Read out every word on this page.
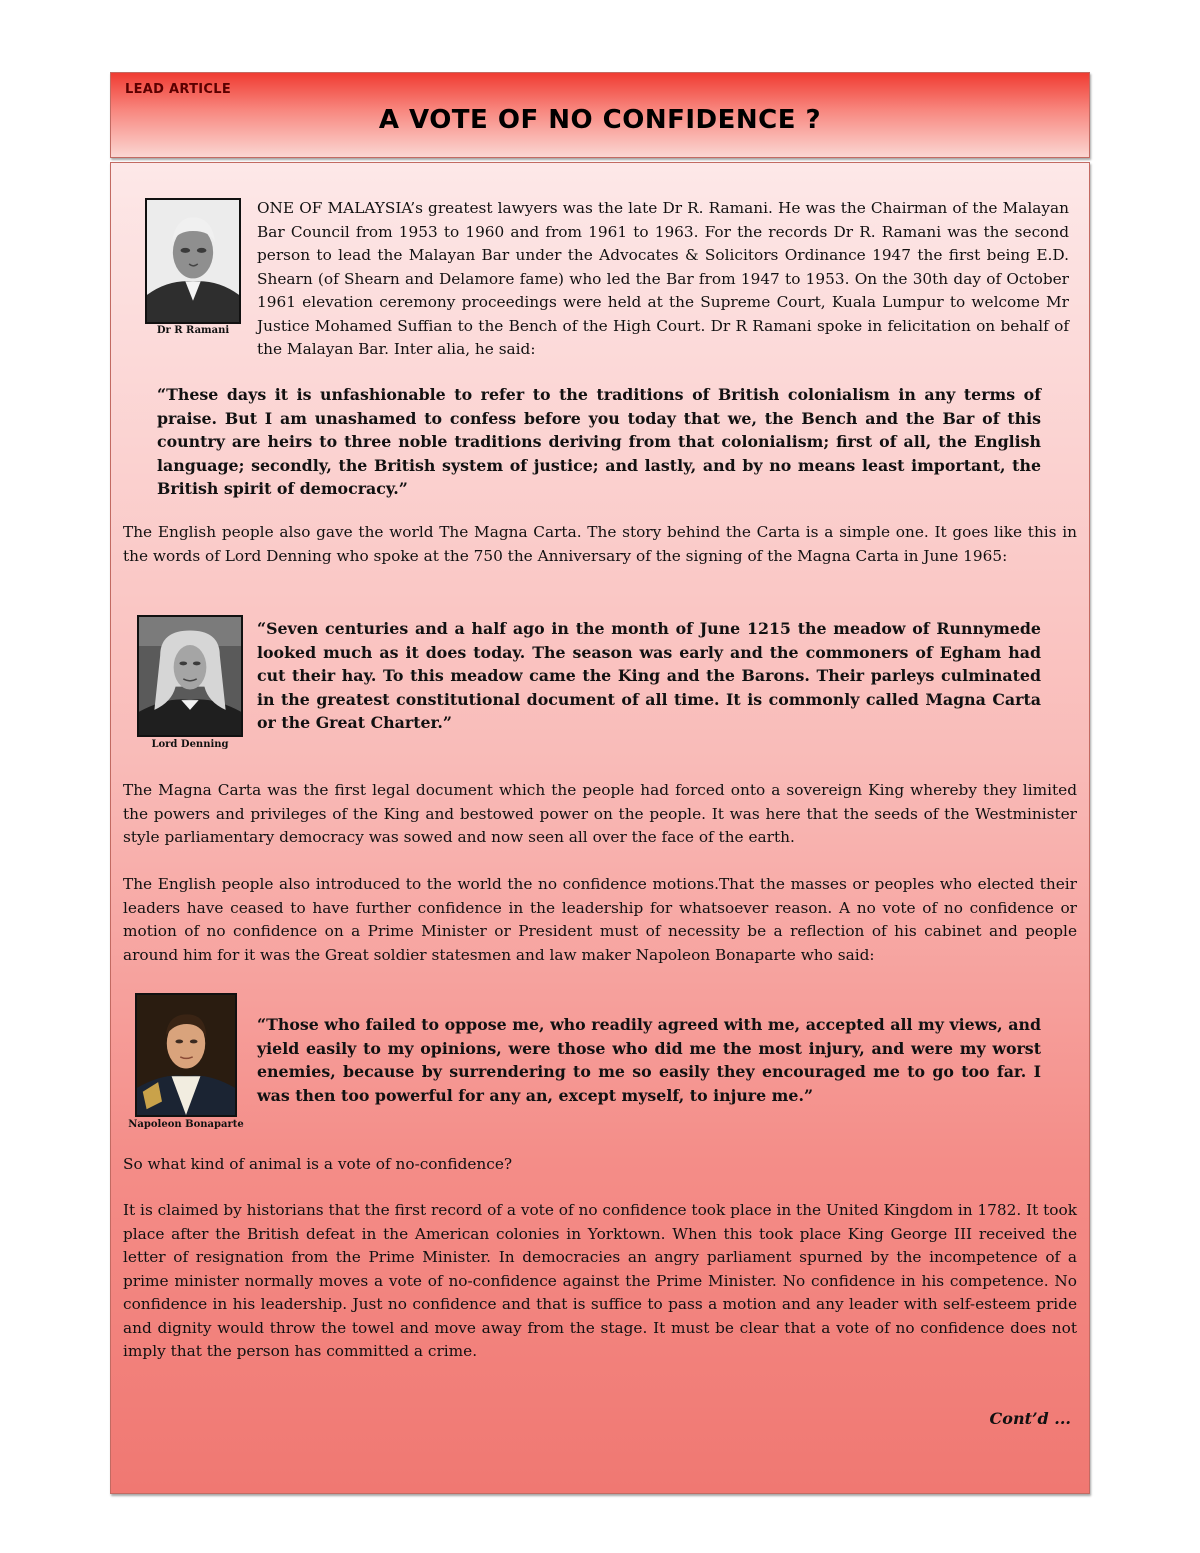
LEAD ARTICLE
A VOTE OF NO CONFIDENCE ?
Dr R Ramani

ONE OF MALAYSIA’s greatest lawyers was the late Dr R. Ramani. He was the Chairman of the Malayan Bar Council from 1953 to 1960 and from 1961 to 1963. For the records Dr R. Ramani was the second person to lead the Malayan Bar under the Advocates & Solicitors Ordinance 1947 the first being E.D. Shearn (of Shearn and Delamore fame) who led the Bar from 1947 to 1953. On the 30th day of October 1961 elevation ceremony proceedings were held at the Supreme Court, Kuala Lumpur to welcome Mr Justice Mohamed Suffian to the Bench of the High Court. Dr R Ramani spoke in felicitation on behalf of the Malayan Bar. Inter alia, he said:

“These days it is unfashionable to refer to the traditions of British colonialism in any terms of praise. But I am unashamed to confess before you today that we, the Bench and the Bar of this country are heirs to three noble traditions deriving from that colonialism; first of all, the English language; secondly, the British system of justice; and lastly, and by no means least important, the British spirit of democracy.”

The English people also gave the world The Magna Carta. The story behind the Carta is a simple one. It goes like this in the words of Lord Denning who spoke at the 750 the Anniversary of the signing of the Magna Carta in June 1965:

Lord Denning

“Seven centuries and a half ago in the month of June 1215 the meadow of Runnymede looked much as it does today. The season was early and the commoners of Egham had cut their hay. To this meadow came the King and the Barons. Their parleys culminated in the greatest constitutional document of all time. It is commonly called Magna Carta or the Great Charter.”

The Magna Carta was the first legal document which the people had forced onto a sovereign King whereby they limited the powers and privileges of the King and bestowed power on the people. It was here that the seeds of the Westminister style parliamentary democracy was sowed and now seen all over the face of the earth.

The English people also introduced to the world the no confidence motions.That the masses or peoples who elected their leaders have ceased to have further confidence in the leadership for whatsoever reason. A no vote of no confidence or motion of no confidence on a Prime Minister or President must of necessity be a reflection of his cabinet and people around him for it was the Great soldier statesmen and law maker Napoleon Bonaparte who said:

Napoleon Bonaparte

“Those who failed to oppose me, who readily agreed with me, accepted all my views, and yield easily to my opinions, were those who did me the most injury, and were my worst enemies, because by surrendering to me so easily they encouraged me to go too far. I was then too powerful for any an, except myself, to injure me.”

So what kind of animal is a vote of no-confidence?

It is claimed by historians that the first record of a vote of no confidence took place in the United Kingdom in 1782. It took place after the British defeat in the American colonies in Yorktown. When this took place King George III received the letter of resignation from the Prime Minister. In democracies an angry parliament spurned by the incompetence of a prime minister normally moves a vote of no-confidence against the Prime Minister. No confidence in his competence. No confidence in his leadership. Just no confidence and that is suffice to pass a motion and any leader with self-esteem pride and dignity would throw the towel and move away from the stage. It must be clear that a vote of no confidence does not imply that the person has committed a crime.

Cont’d ...
